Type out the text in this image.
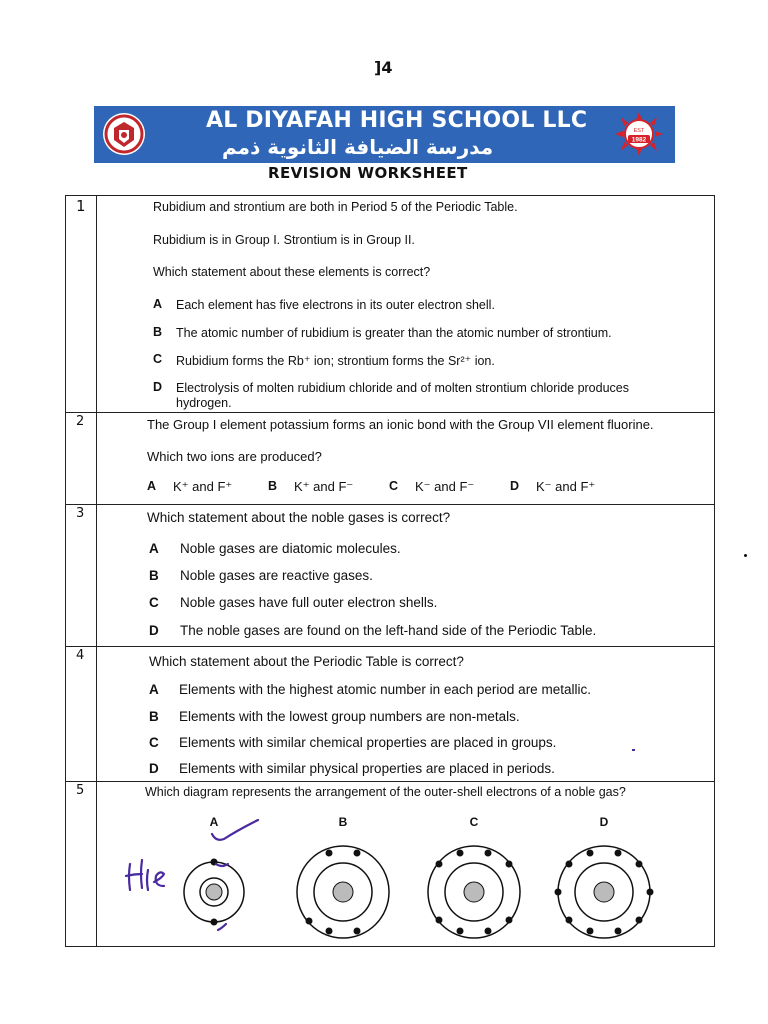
]4
AL DIYAFAH HIGH SCHOOL LLC
مدرسة الضيافة الثانوية ذمم
EST
1982
REVISION WORKSHEET
1	Rubidium and strontium are both in Period 5 of the Periodic Table.
Rubidium is in Group I. Strontium is in Group II.
Which statement about these elements is correct?
A Each element has five electrons in its outer electron shell.
B The atomic number of rubidium is greater than the atomic number of strontium.
C Rubidium forms the Rb⁺ ion; strontium forms the Sr²⁺ ion.
D Electrolysis of molten rubidium chloride and of molten strontium chloride produces
hydrogen.
2	The Group I element potassium forms an ionic bond with the Group VII element fluorine.
Which two ions are produced?
A K⁺ and F⁺	B K⁺ and F⁻	C K⁻ and F⁻	D K⁻ and F⁺
3	Which statement about the noble gases is correct?
A Noble gases are diatomic molecules.
B Noble gases are reactive gases.
C Noble gases have full outer electron shells.
D The noble gases are found on the left-hand side of the Periodic Table.
4	Which statement about the Periodic Table is correct?
A Elements with the highest atomic number in each period are metallic.
B Elements with the lowest group numbers are non-metals.
C Elements with similar chemical properties are placed in groups.
D Elements with similar physical properties are placed in periods.
5	Which diagram represents the arrangement of the outer-shell electrons of a noble gas?
A	B	C	D
